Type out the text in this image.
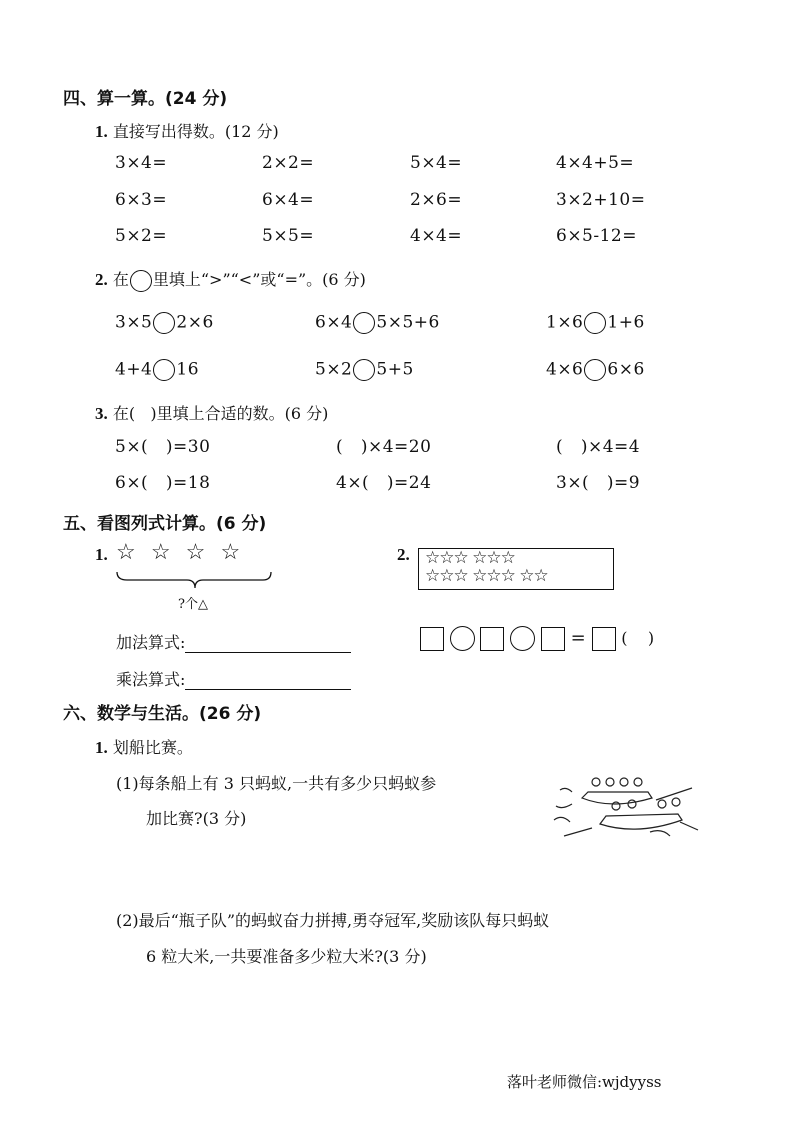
四、算一算。(24 分)
1. 直接写出得数。(12 分)
3×4=	2×2=	5×4=	4×4+5=
6×3=	6×4=	2×6=	3×2+10=
5×2=	5×5=	4×4=	6×5-12=
2. 在 里填上“>”“<”或“=”。(6 分)
3×5 2×6	6×4 5×5+6	1×6 1+6
4+4 16	5×2 5+5	4×6 6×6
3. 在(   )里填上合适的数。(6 分)
5×(   )=30	(   )×4=20	(   )×4=4
6×(   )=18	4×(   )=24	3×(   )=9
五、看图列式计算。(6 分)
1. ☆ ☆ ☆ ☆
?个△
2. ☆☆☆ ☆☆☆
☆☆☆ ☆☆☆ ☆☆
加法算式:
乘法算式:
= (    )
六、数学与生活。(26 分)
1. 划船比赛。
(1)每条船上有 3 只蚂蚁,一共有多少只蚂蚁参
加比赛?(3 分)
(2)最后“瓶子队”的蚂蚁奋力拼搏,勇夺冠军,奖励该队每只蚂蚁
6 粒大米,一共要准备多少粒大米?(3 分)
落叶老师微信:wjdyyss
